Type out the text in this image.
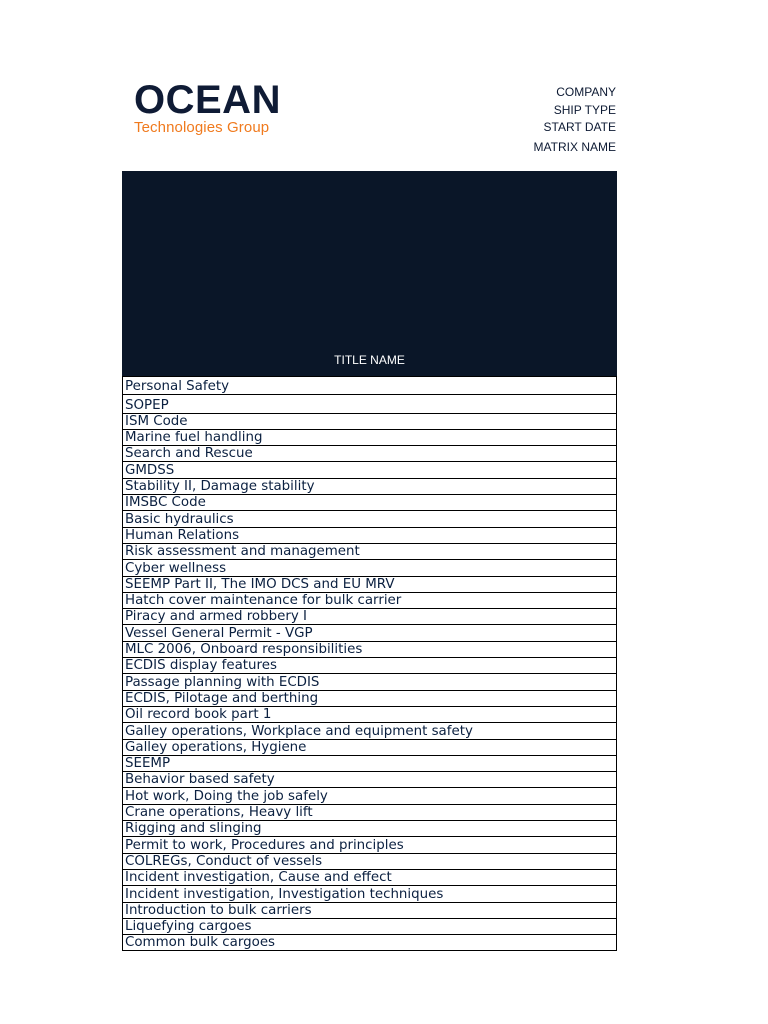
OCEAN
Technologies Group
COMPANY
SHIP TYPE
START DATE
MATRIX NAME
TITLE NAME
Personal Safety
SOPEP
ISM Code
Marine fuel handling
Search and Rescue
GMDSS
Stability II, Damage stability
IMSBC Code
Basic hydraulics
Human Relations
Risk assessment and management
Cyber wellness
SEEMP Part II, The IMO DCS and EU MRV
Hatch cover maintenance for bulk carrier
Piracy and armed robbery I
Vessel General Permit - VGP
MLC 2006, Onboard responsibilities
ECDIS display features
Passage planning with ECDIS
ECDIS, Pilotage and berthing
Oil record book part 1
Galley operations, Workplace and equipment safety
Galley operations, Hygiene
SEEMP
Behavior based safety
Hot work, Doing the job safely
Crane operations, Heavy lift
Rigging and slinging
Permit to work, Procedures and principles
COLREGs, Conduct of vessels
Incident investigation, Cause and effect
Incident investigation, Investigation techniques
Introduction to bulk carriers
Liquefying cargoes
Common bulk cargoes
